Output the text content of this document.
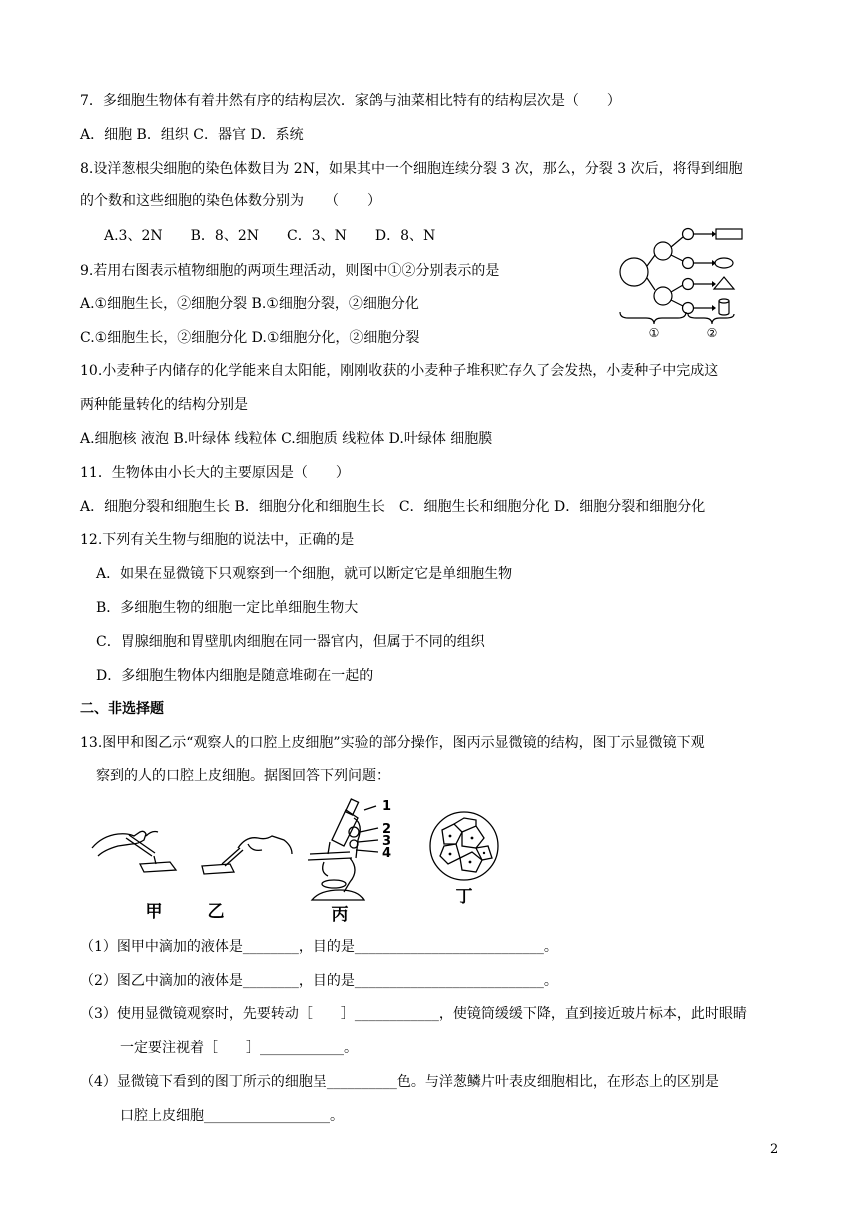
7．多细胞生物体有着井然有序的结构层次．家鸽与油菜相比特有的结构层次是（　　）
A．细胞 B．组织 C．器官 D．系统
8.设洋葱根尖细胞的染色体数目为 2N，如果其中一个细胞连续分裂 3 次，那么，分裂 3 次后，将得到细胞
的个数和这些细胞的染色体数分别为　　（　　）
A.3、2N　　B．8、2N　　C．3、N　　D．8、N
9.若用右图表示植物细胞的两项生理活动，则图中①②分别表示的是
A.①细胞生长，②细胞分裂 B.①细胞分裂，②细胞分化
C.①细胞生长，②细胞分化 D.①细胞分化，②细胞分裂	①	②
10.小麦种子内储存的化学能来自太阳能，刚刚收获的小麦种子堆积贮存久了会发热，小麦种子中完成这
两种能量转化的结构分别是
A.细胞核 液泡 B.叶绿体 线粒体 C.细胞质 线粒体 D.叶绿体 细胞膜
11．生物体由小长大的主要原因是（　　）
A．细胞分裂和细胞生长 B．细胞分化和细胞生长　C．细胞生长和细胞分化 D．细胞分裂和细胞分化
12.下列有关生物与细胞的说法中，正确的是
A．如果在显微镜下只观察到一个细胞，就可以断定它是单细胞生物
B．多细胞生物的细胞一定比单细胞生物大
C．胃腺细胞和胃壁肌肉细胞在同一器官内，但属于不同的组织
D．多细胞生物体内细胞是随意堆砌在一起的
二、非选择题
13.图甲和图乙示“观察人的口腔上皮细胞”实验的部分操作，图丙示显微镜的结构，图丁示显微镜下观
察到的人的口腔上皮细胞。据图回答下列问题：
1
2
3
4
甲	乙	丙
丁
（1）图甲中滴加的液体是________，目的是___________________________。
（2）图乙中滴加的液体是________，目的是___________________________。
（3）使用显微镜观察时，先要转动［　　］____________，使镜筒缓缓下降，直到接近玻片标本，此时眼睛
一定要注视着［　　］____________。
（4）显微镜下看到的图丁所示的细胞呈__________色。与洋葱鳞片叶表皮细胞相比，在形态上的区别是
口腔上皮细胞__________________。
2
